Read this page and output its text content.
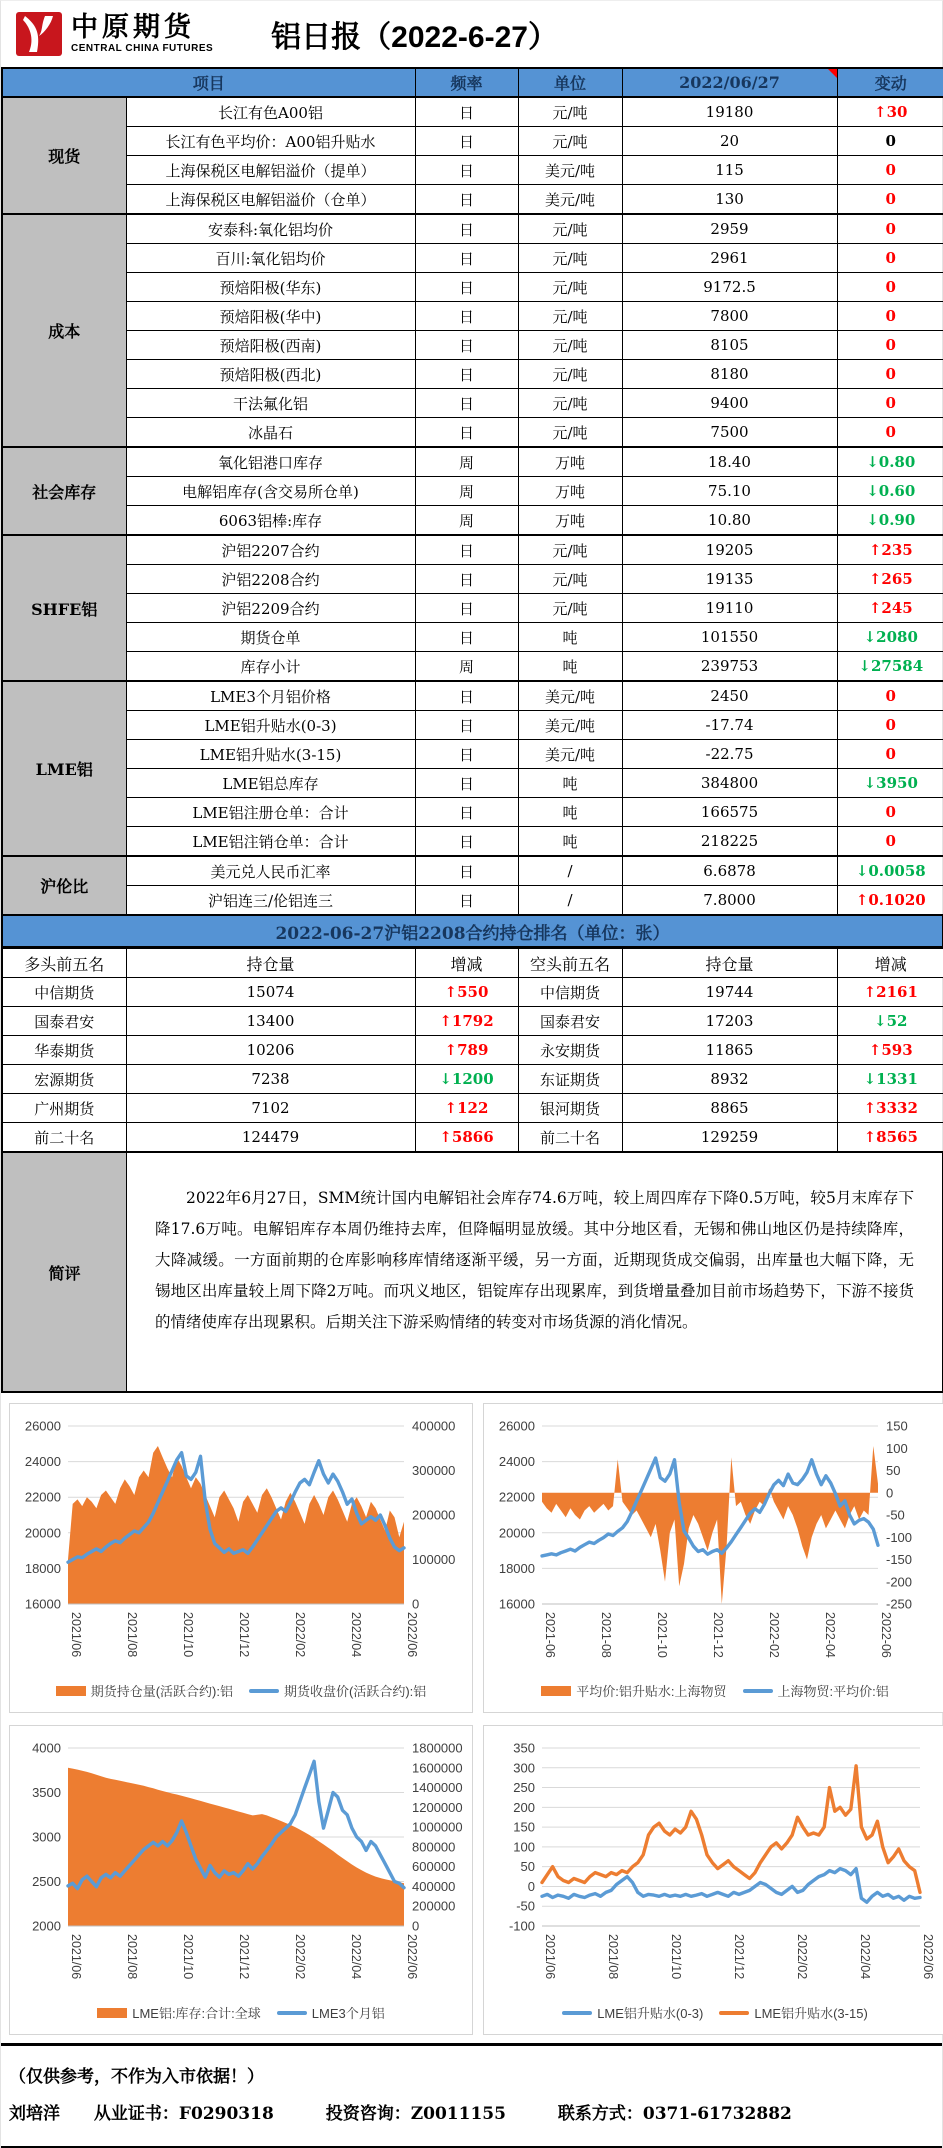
中原期货
CENTRAL CHINA FUTURES 铝日报（2022-6-27）
项目		频率	单位	2022/06/27	变动
现货	长江有色A00铝	日	元/吨	19180	↑30
	长江有色平均价：A00铝升贴水	日	元/吨	20	0
	上海保税区电解铝溢价（提单）	日	美元/吨	115	0
	上海保税区电解铝溢价（仓单）	日	美元/吨	130	0
成本	安泰科:氧化铝均价	日	元/吨	2959	0
	百川:氧化铝均价	日	元/吨	2961	0
	预焙阳极(华东)	日	元/吨	9172.5	0
	预焙阳极(华中)	日	元/吨	7800	0
	预焙阳极(西南)	日	元/吨	8105	0
	预焙阳极(西北)	日	元/吨	8180	0
	干法氟化铝	日	元/吨	9400	0
	冰晶石	日	元/吨	7500	0
社会库存	氧化铝港口库存	周	万吨	18.40	↓0.80
	电解铝库存(含交易所仓单)	周	万吨	75.10	↓0.60
	6063铝棒:库存	周	万吨	10.80	↓0.90
SHFE铝	沪铝2207合约	日	元/吨	19205	↑235
	沪铝2208合约	日	元/吨	19135	↑265
	沪铝2209合约	日	元/吨	19110	↑245
	期货仓单	日	吨	101550	↓2080
	库存小计	周	吨	239753	↓27584
LME铝	LME3个月铝价格	日	美元/吨	2450	0
	LME铝升贴水(0-3)	日	美元/吨	-17.74	0
	LME铝升贴水(3-15)	日	美元/吨	-22.75	0
	LME铝总库存	日	吨	384800	↓3950
	LME铝注册仓单：合计	日	吨	166575	0
	LME铝注销仓单：合计	日	吨	218225	0
沪伦比	美元兑人民币汇率	日	/	6.6878	↓0.0058
	沪铝连三/伦铝连三	日	/	7.8000	↑0.1020
2022-06-27沪铝2208合约持仓排名（单位：张）
多头前五名	持仓量	增减	空头前五名	持仓量	增减
中信期货	15074	↑550	中信期货	19744	↑2161
国泰君安	13400	↑1792	国泰君安	17203	↓52
华泰期货	10206	↑789	永安期货	11865	↑593
宏源期货	7238	↓1200	东证期货	8932	↓1331
广州期货	7102	↑122	银河期货	8865	↑3332
前二十名	124479	↑5866	前二十名	129259	↑8565
简评
2022年6月27日，SMM统计国内电解铝社会库存74.6万吨，较上周四库存下降0.5万吨，较5月末库存下降17.6万吨。电解铝库存本周仍维持去库，但降幅明显放缓。其中分地区看，无锡和佛山地区仍是持续降库，大降减缓。一方面前期的仓库影响移库情绪逐渐平缓，另一方面，近期现货成交偏弱，出库量也大幅下降，无锡地区出库量较上周下降2万吨。而巩义地区，铝锭库存出现累库，到货增量叠加目前市场趋势下，下游不接货的情绪使库存出现累积。后期关注下游采购情绪的转变对市场货源的消化情况。
16000
18000
20000
22000
24000
26000
0
100000
200000
300000
400000
2021/06	2021/08	2021/10	2021/12	2022/02	2022/04	2022/06
期货持仓量(活跃合约):铝	期货收盘价(活跃合约):铝
16000
18000
20000
22000
24000
26000
-250
-200
-150
-100
-50
0
50
100
150
2021-06	2021-08	2021-10	2021-12	2022-02	2022-04	2022-06
平均价:铝升贴水:上海物贸	上海物贸:平均价:铝
2000
2500
3000
3500
4000
0
200000
400000
600000
800000
1000000
1200000
1400000
1600000
1800000
2021/06	2021/08	2021/10	2021/12	2022/02	2022/04	2022/06
LME铝:库存:合计:全球	LME3个月铝
-100
-50
0
50
100
150
200
250
300
350
2021/06	2021/08	2021/10	2021/12	2022/02	2022/04	2022/06
LME铝升贴水(0-3)	LME铝升贴水(3-15)
（仅供参考，不作为入市依据！）
刘培洋 从业证书：F0290318	投资咨询：Z0011155	联系方式：0371-61732882
